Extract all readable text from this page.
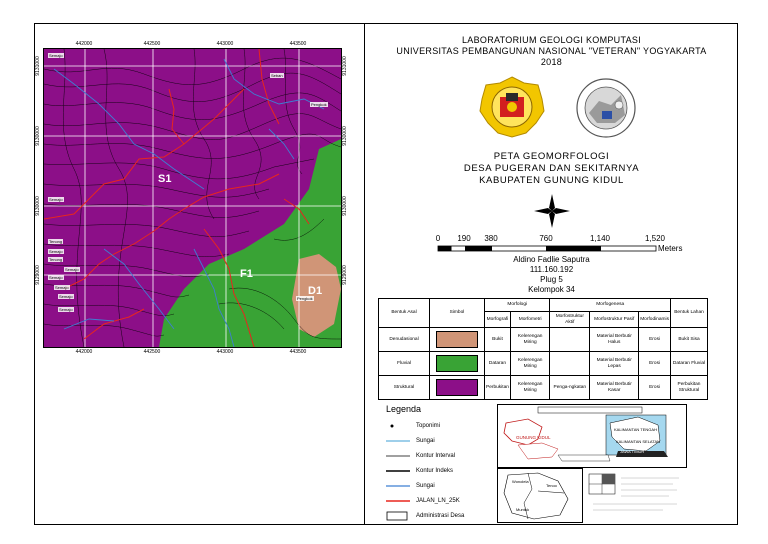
442000	442500	443000	443500
442000	442500	443000	443500
9131000
9130000
9130000
9129000
9131000
9130000
9130000
9129000
Semajo
Seban
Pengkok
Semajo
Tenong
Semajo
Semajo
Tenong
Semajo
Semajo
Semajo
Semajo
Pengkok
S1
F1
D1
LABORATORIUM GEOLOGI KOMPUTASI
UNIVERSITAS PEMBANGUNAN NASIONAL "VETERAN" YOGYAKARTA
2018
PETA GEOMORFOLOGI
DESA PUGERAN DAN SEKITARNYA
KABUPATEN GUNUNG KIDUL
0 190 380	760	1,140	1,520
Meters
Aldino Fadlie Saputra
111.160.192
Plug 5
Kelompok 34
Bentuk Asal	Simbol	Morfologi		Morfogenesa			Bentuk Lahan
		Morfografi	Morfometri	Morfostruktur Aktif	Morfostruktur Pasif	Morfodinamis	
Denudasional		Bukit	Kelerengan Miring		Material Berbutir Halus	Erosi	Bukit Sisa
Fluvial		Dataran	Kelerengan Miring		Material Berbutir Lepas	Erosi	Dataran Fluvial
Struktural		Perbukitan	Kelerengan Miring	Penga-ngkatan	Material Berbutir Kasar	Erosi	Perbukitan Struktural
Legenda
Toponimi
Sungai
Kontur Interval
Kontur Indeks
Sungai
JALAN_LN_25K
Administrasi Desa
KALIMANTAN TENGAH
GUNUNG KIDUL
KALIMANTAN SELATAN
JAWA TIMUR
Wonolela
Tenoo
Muntuk
